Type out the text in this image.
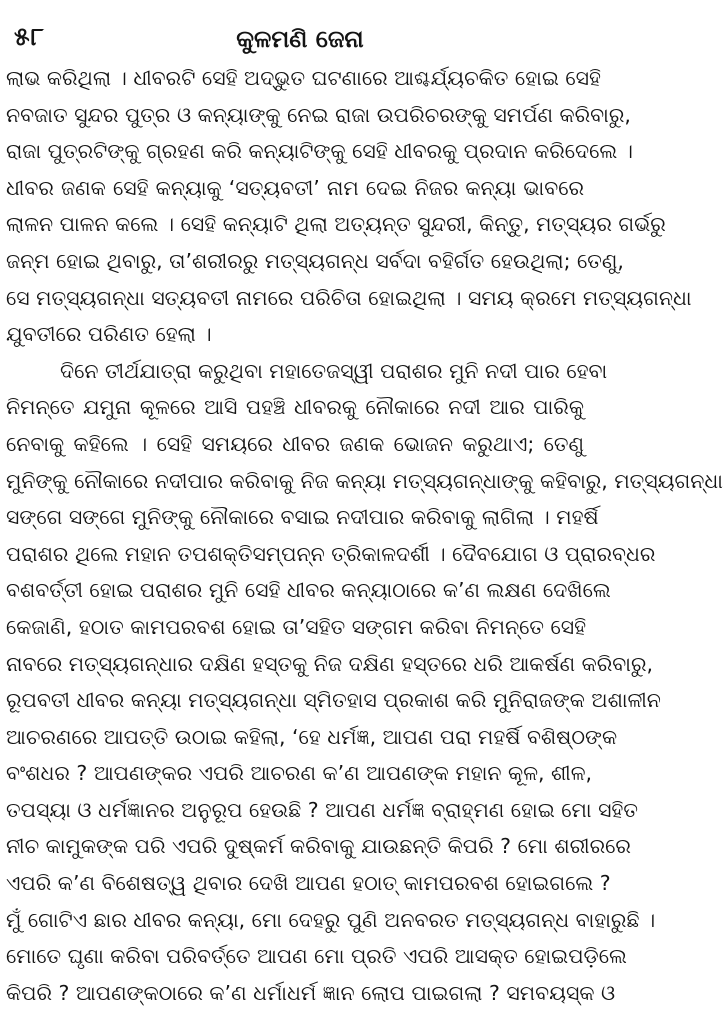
୫୮	କୁଳମଣି ଜେନା
ଲାଭ କରିଥିଲା । ଧୀବରଟି ସେହି ଅଦ୍ଭୁତ ଘଟଣାରେ ଆଶ୍ଚର୍ଯ୍ୟଚକିତ ହୋଇ ସେହି
ନବଜାତ ସୁନ୍ଦର ପୁତ୍ର ଓ କନ୍ୟାଙ୍କୁ ନେଇ ରାଜା ଉପରିଚରଙ୍କୁ ସମର୍ପଣ କରିବାରୁ,
ରାଜା ପୁତ୍ରଟିଙ୍କୁ ଗ୍ରହଣ କରି କନ୍ୟାଟିଙ୍କୁ ସେହି ଧୀବରକୁ ପ୍ରଦାନ କରିଦେଲେ ।
ଧୀବର ଜଣକ ସେହି କନ୍ୟାକୁ ‘ସତ୍ୟବତୀ’ ନାମ ଦେଇ ନିଜର କନ୍ୟା ଭାବରେ
ଲାଳନ ପାଳନ କଲେ । ସେହି କନ୍ୟାଟି ଥିଲା ଅତ୍ୟନ୍ତ ସୁନ୍ଦରୀ, କିନ୍ତୁ, ମତ୍ସ୍ୟର ଗର୍ଭରୁ
ଜନ୍ମ ହୋଇ ଥିବାରୁ, ତା’ଶରୀରରୁ ମତ୍ସ୍ୟଗନ୍ଧ ସର୍ବଦା ବହିର୍ଗତ ହେଉଥିଲା; ତେଣୁ,
ସେ ମତ୍ସ୍ୟଗନ୍ଧା ସତ୍ୟବତୀ ନାମରେ ପରିଚିତା ହୋଇଥିଲା । ସମୟ କ୍ରମେ ମତ୍ସ୍ୟଗନ୍ଧା
ଯୁବତୀରେ ପରିଣତ ହେଲା ।
ଦିନେ ତୀର୍ଥଯାତ୍ରା କରୁଥିବା ମହାତେଜସ୍ୱୀ ପରାଶର ମୁନି ନଦୀ ପାର ହେବା
ନିମନ୍ତେ ଯମୁନା କୂଳରେ ଆସି ପହଞ୍ଚି ଧୀବରକୁ ନୌକାରେ ନଦୀ ଆର ପାରିକୁ
ନେବାକୁ କହିଲେ । ସେହି ସମୟରେ ଧୀବର ଜଣକ ଭୋଜନ କରୁଥାଏ; ତେଣୁ
ମୁନିଙ୍କୁ ନୌକାରେ ନଦୀପାର କରିବାକୁ ନିଜ କନ୍ୟା ମତ୍ସ୍ୟଗନ୍ଧାଙ୍କୁ କହିବାରୁ, ମତ୍ସ୍ୟଗନ୍ଧା
ସଙ୍ଗେ ସଙ୍ଗେ ମୁନିଙ୍କୁ ନୌକାରେ ବସାଇ ନଦୀପାର କରିବାକୁ ଲାଗିଲା । ମହର୍ଷି
ପରାଶର ଥିଲେ ମହାନ ତପଶକ୍ତିସମ୍ପନ୍ନ ତ୍ରିକାଳଦର୍ଶୀ । ଦୈବଯୋଗ ଓ ପ୍ରାରବ୍ଧର
ବଶବର୍ତ୍ତୀ ହୋଇ ପରାଶର ମୁନି ସେହି ଧୀବର କନ୍ୟାଠାରେ କ’ଣ ଲକ୍ଷଣ ଦେଖିଲେ
କେଜାଣି, ହଠାତ କାମପରବଶ ହୋଇ ତା’ସହିତ ସଙ୍ଗମ କରିବା ନିମନ୍ତେ ସେହି
ନାବରେ ମତ୍ସ୍ୟଗନ୍ଧାର ଦକ୍ଷିଣ ହସ୍ତକୁ ନିଜ ଦକ୍ଷିଣ ହସ୍ତରେ ଧରି ଆକର୍ଷଣ କରିବାରୁ,
ରୂପବତୀ ଧୀବର କନ୍ୟା ମତ୍ସ୍ୟଗନ୍ଧା ସ୍ମିତହାସ ପ୍ରକାଶ କରି ମୁନିରାଜଙ୍କ ଅଶାଳୀନ
ଆଚରଣରେ ଆପତ୍ତି ଉଠାଇ କହିଲା, ‘ହେ ଧର୍ମଜ୍ଞ, ଆପଣ ପରା ମହର୍ଷି ବଶିଷ୍ଠଙ୍କ
ବଂଶଧର ? ଆପଣଙ୍କର ଏପରି ଆଚରଣ କ’ଣ ଆପଣଙ୍କ ମହାନ କୂଳ, ଶୀଳ,
ତପସ୍ୟା ଓ ଧର୍ମଜ୍ଞାନର ଅନୁରୂପ ହେଉଛି ? ଆପଣ ଧର୍ମଜ୍ଞ ବ୍ରାହ୍ମଣ ହୋଇ ମୋ ସହିତ
ନୀଚ କାମୁକଙ୍କ ପରି ଏପରି ଦୁଷ୍କର୍ମ କରିବାକୁ ଯାଉଛନ୍ତି କିପରି ? ମୋ ଶରୀରରେ
ଏପରି କ’ଣ ବିଶେଷତ୍ୱ ଥିବାର ଦେଖି ଆପଣ ହଠାତ୍ କାମପରବଶ ହୋଇଗଲେ ?
ମୁଁ ଗୋଟିଏ ଛାର ଧୀବର କନ୍ୟା, ମୋ ଦେହରୁ ପୁଣି ଅନବରତ ମତ୍ସ୍ୟଗନ୍ଧ ବାହାରୁଛି ।
ମୋତେ ଘୃଣା କରିବା ପରିବର୍ତ୍ତେ ଆପଣ ମୋ ପ୍ରତି ଏପରି ଆସକ୍ତ ହୋଇପଡ଼ିଲେ
କିପରି ? ଆପଣଙ୍କଠାରେ କ’ଣ ଧର୍ମାଧର୍ମ ଜ୍ଞାନ ଲୋପ ପାଇଗଲା ? ସମବୟସ୍କ ଓ
